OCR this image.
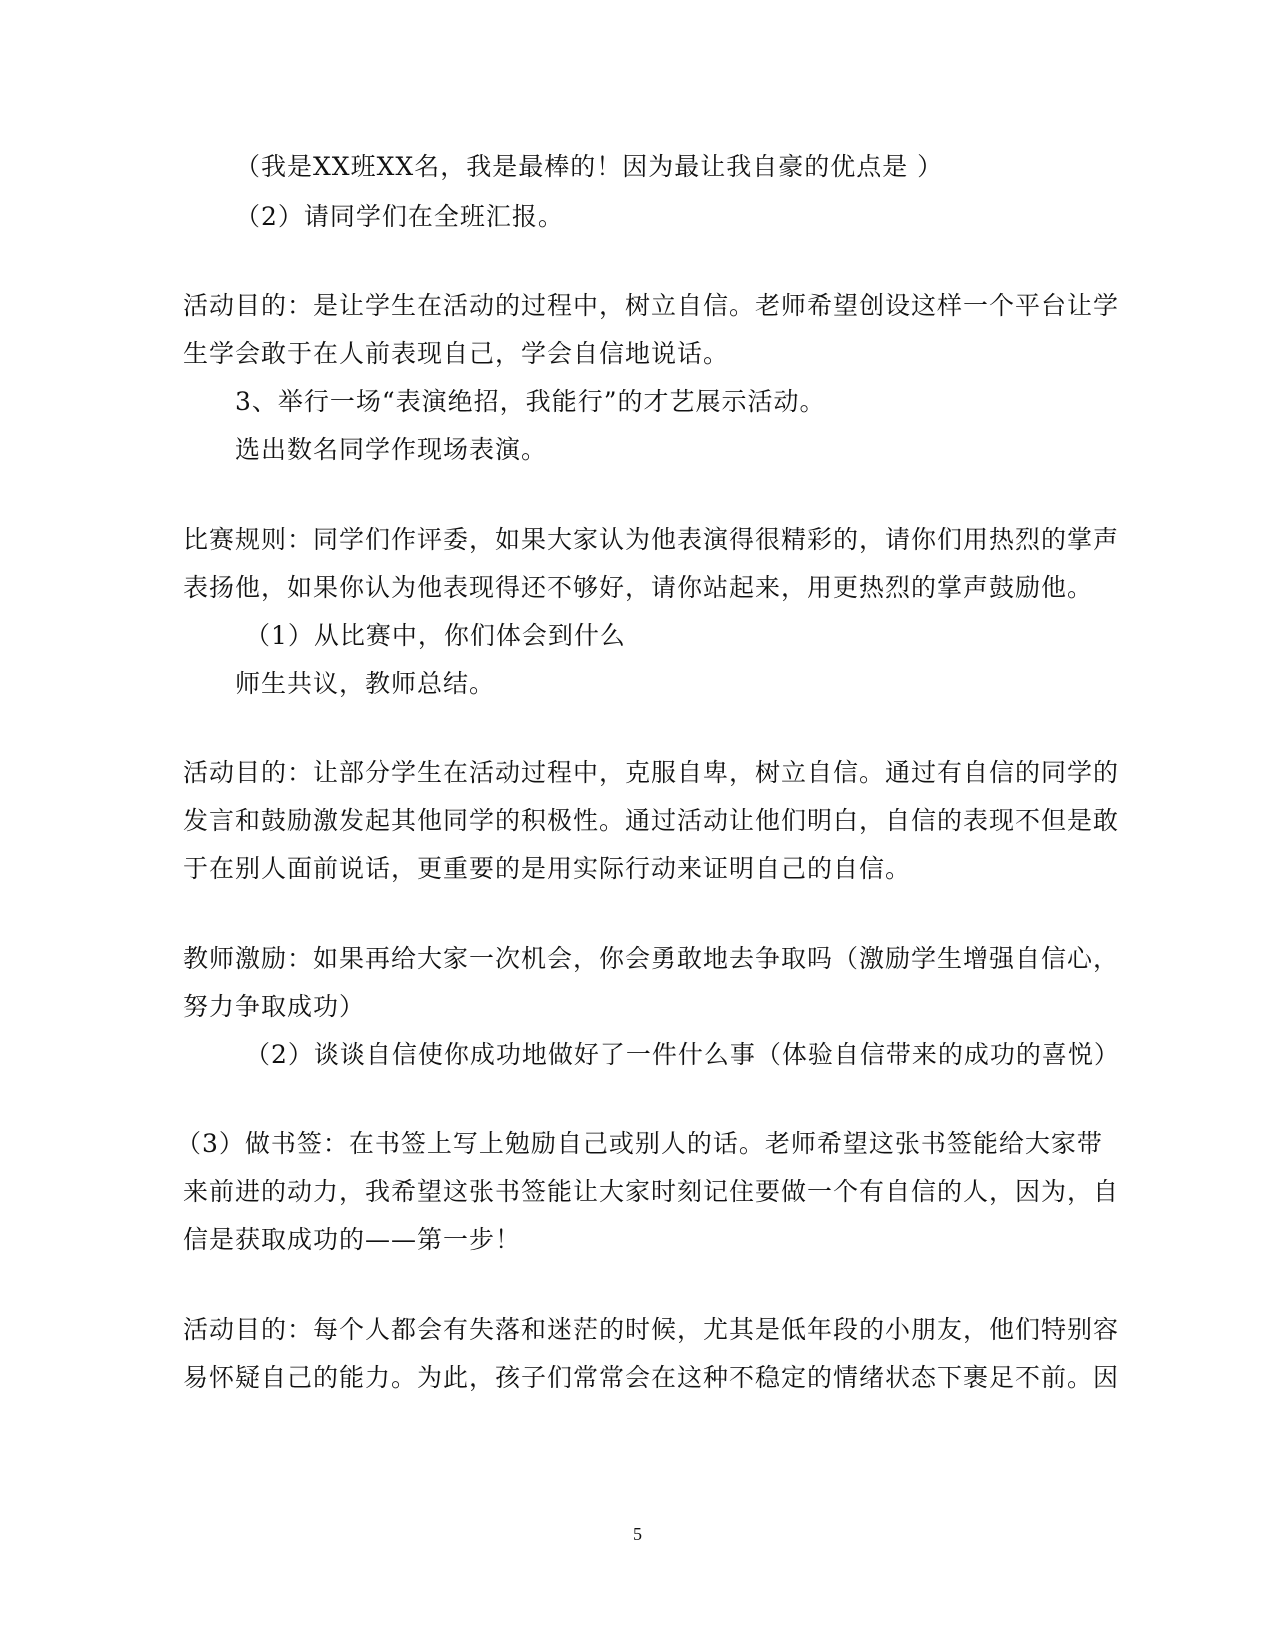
（我是XX班XX名，我是最棒的！因为最让我自豪的优点是 ）

（2）请同学们在全班汇报。

活动目的：是让学生在活动的过程中，树立自信。老师希望创设这样一个平台让学

生学会敢于在人前表现自己，学会自信地说话。

3、举行一场“表演绝招，我能行”的才艺展示活动。

选出数名同学作现场表演。

比赛规则：同学们作评委，如果大家认为他表演得很精彩的，请你们用热烈的掌声

表扬他，如果你认为他表现得还不够好，请你站起来，用更热烈的掌声鼓励他。

（1）从比赛中，你们体会到什么

师生共议，教师总结。

活动目的：让部分学生在活动过程中，克服自卑，树立自信。通过有自信的同学的

发言和鼓励激发起其他同学的积极性。通过活动让他们明白，自信的表现不但是敢

于在别人面前说话，更重要的是用实际行动来证明自己的自信。

教师激励：如果再给大家一次机会，你会勇敢地去争取吗（激励学生增强自信心，

努力争取成功）

（2）谈谈自信使你成功地做好了一件什么事（体验自信带来的成功的喜悦）

（3）做书签：在书签上写上勉励自己或别人的话。老师希望这张书签能给大家带

来前进的动力，我希望这张书签能让大家时刻记住要做一个有自信的人，因为，自

信是获取成功的——第一步！

活动目的：每个人都会有失落和迷茫的时候，尤其是低年段的小朋友，他们特别容

易怀疑自己的能力。为此，孩子们常常会在这种不稳定的情绪状态下裹足不前。因

5
